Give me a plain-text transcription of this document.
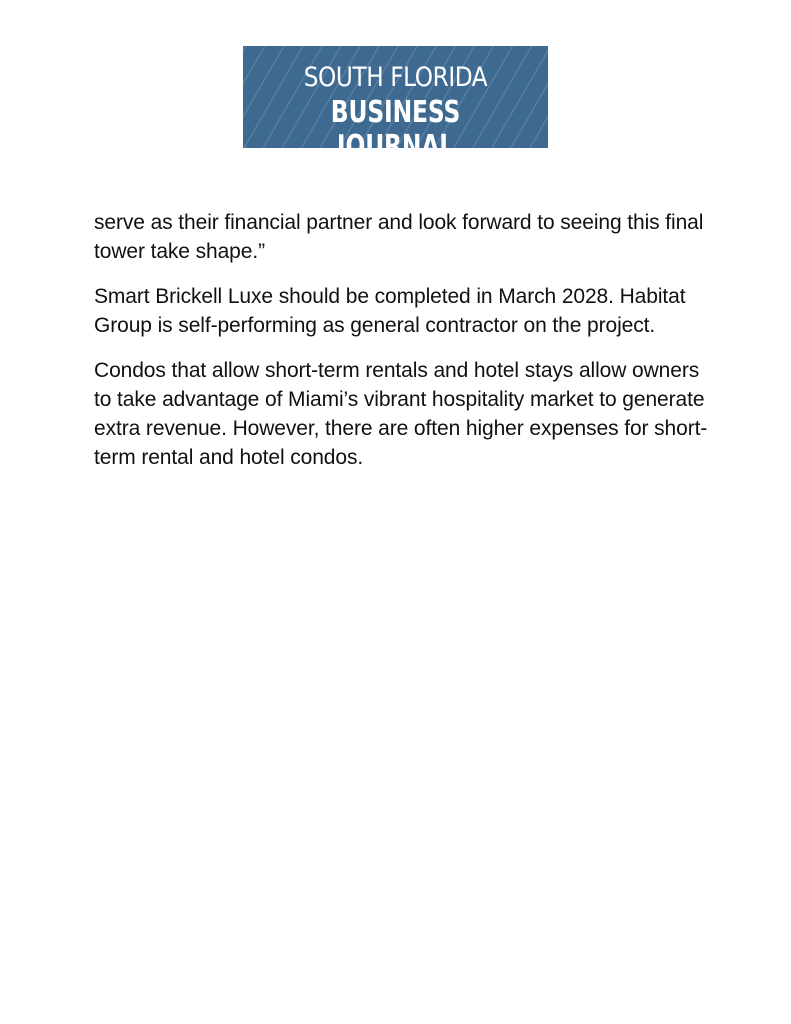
SOUTH FLORIDA
BUSINESS JOURNAL

serve as their financial partner and look forward to seeing this final tower take shape.”

Smart Brickell Luxe should be completed in March 2028. Habitat Group is self-performing as general contractor on the project.

Condos that allow short-term rentals and hotel stays allow owners to take advantage of Miami’s vibrant hospitality market to generate extra revenue. However, there are often higher expenses for short-term rental and hotel condos.
